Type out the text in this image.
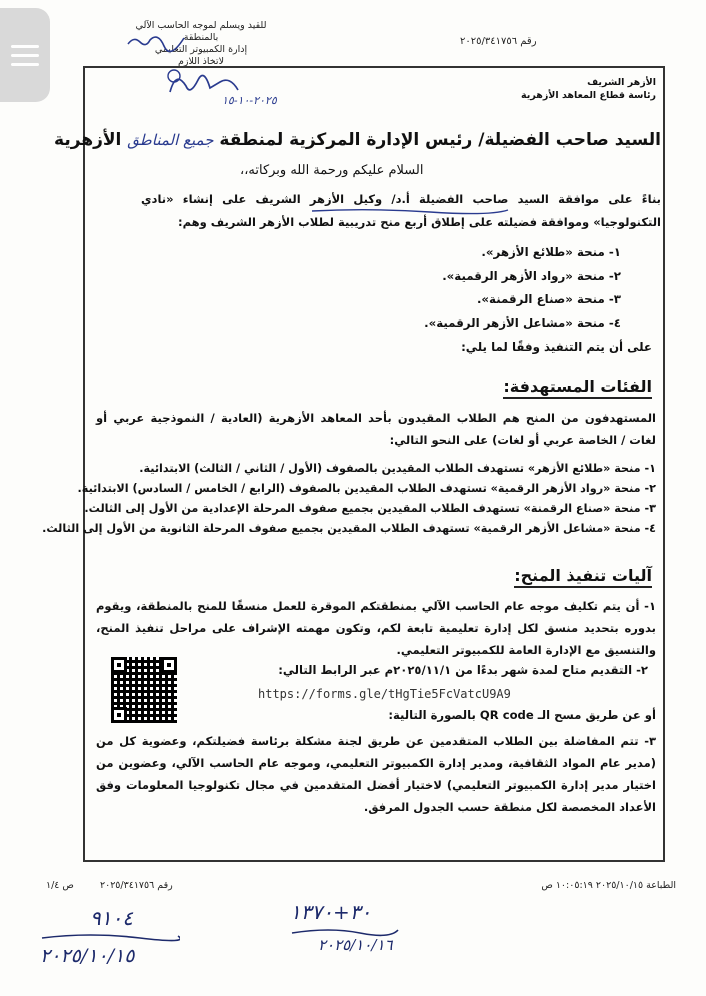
للقيد ويسلم لموجه الحاسب الآلي بالمنطقة
إدارة الكمبيوتر التعليمي
لاتخاذ اللازم
رقم ٢٠٢٥/٣٤١٧٥٦
الأزهر الشريف
رئاسة قطاع المعاهد الأزهرية
٢٠٢٥-١٠-١٥
السيد صاحب الفضيلة/ رئيس الإدارة المركزية لمنطقة جميع المناطق الأزهرية
السلام عليكم ورحمة الله وبركاته،،
بناءً على موافقة السيد صاحب الفضيلة أ.د/ وكيل الأزهر الشريف على إنشاء «نادي التكنولوجيا» وموافقة فضيلته على إطلاق أربع منح تدريبية لطلاب الأزهر الشريف وهم:
١- منحة «طلائع الأزهر».
٢- منحة «رواد الأزهر الرقمية».
٣- منحة «صناع الرقمنة».
٤- منحة «مشاعل الأزهر الرقمية».
على أن يتم التنفيذ وفقًا لما يلي:
الفئات المستهدفة:
المستهدفون من المنح هم الطلاب المقيدون بأحد المعاهد الأزهرية (العادية / النموذجية عربي أو لغات / الخاصة عربي أو لغات) على النحو التالي:
١- منحة «طلائع الأزهر» تستهدف الطلاب المقيدين بالصفوف (الأول / الثاني / الثالث) الابتدائية.
٢- منحة «رواد الأزهر الرقمية» تستهدف الطلاب المقيدين بالصفوف (الرابع / الخامس / السادس) الابتدائية.
٣- منحة «صناع الرقمنة» تستهدف الطلاب المقيدين بجميع صفوف المرحلة الإعدادية من الأول إلى الثالث.
٤- منحة «مشاعل الأزهر الرقمية» تستهدف الطلاب المقيدين بجميع صفوف المرحلة الثانوية من الأول إلى الثالث.
آليات تنفيذ المنح:
١- أن يتم تكليف موجه عام الحاسب الآلي بمنطقتكم الموقرة للعمل منسقًا للمنح بالمنطقة، ويقوم بدوره بتحديد منسق لكل إدارة تعليمية تابعة لكم، وتكون مهمته الإشراف على مراحل تنفيذ المنح، والتنسيق مع الإدارة العامة للكمبيوتر التعليمي.
٢- التقديم متاح لمدة شهر بدءًا من ٢٠٢٥/١١/١م عبر الرابط التالي:
https://forms.gle/tHgTie5FcVatcU9A9
أو عن طريق مسح الـ QR code بالصورة التالية:
٣- تتم المفاضلة بين الطلاب المتقدمين عن طريق لجنة مشكلة برئاسة فضيلتكم، وعضوية كل من (مدير عام المواد الثقافية، ومدير إدارة الكمبيوتر التعليمي، وموجه عام الحاسب الآلي، وعضوين من اختيار مدير إدارة الكمبيوتر التعليمي) لاختيار أفضل المتقدمين في مجال تكنولوجيا المعلومات وفق الأعداد المخصصة لكل منطقة حسب الجدول المرفق.
الطباعة ٢٠٢٥/١٠/١٥ ١٠:٠٥:١٩ ص
رقم ٢٠٢٥/٣٤١٧٥٦
ص ١/٤
٩١٠٤
٢٠٢٥/١٠/١٥
٣٠+١٣٧٠
٢٠٢٥/١٠/١٦
